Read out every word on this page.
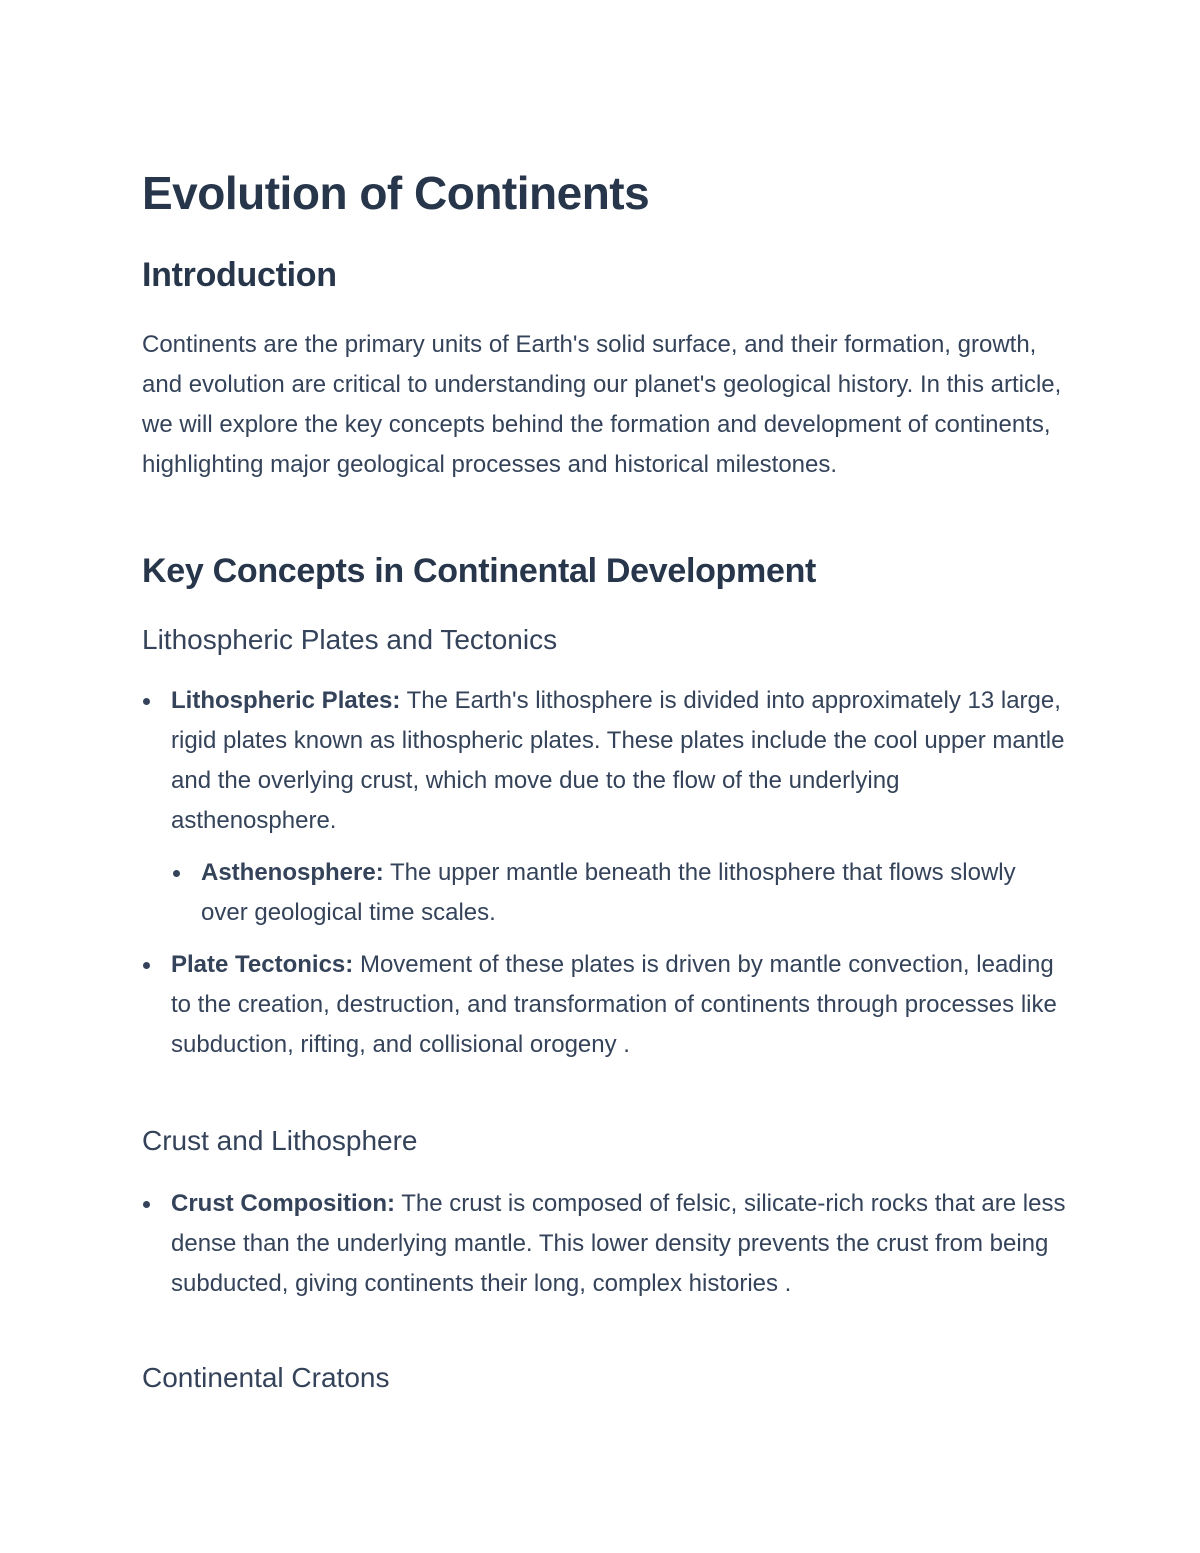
Evolution of Continents
Introduction

Continents are the primary units of Earth's solid surface, and their formation, growth, and evolution are critical to understanding our planet's geological history. In this article, we will explore the key concepts behind the formation and development of continents, highlighting major geological processes and historical milestones.

Key Concepts in Continental Development
Lithospheric Plates and Tectonics
Lithospheric Plates: The Earth's lithosphere is divided into approximately 13 large, rigid plates known as lithospheric plates. These plates include the cool upper mantle and the overlying crust, which move due to the flow of the underlying asthenosphere.
Asthenosphere: The upper mantle beneath the lithosphere that flows slowly over geological time scales.
Plate Tectonics: Movement of these plates is driven by mantle convection, leading to the creation, destruction, and transformation of continents through processes like subduction, rifting, and collisional orogeny .
Crust and Lithosphere
Crust Composition: The crust is composed of felsic, silicate-rich rocks that are less dense than the underlying mantle. This lower density prevents the crust from being subducted, giving continents their long, complex histories .
Continental Cratons
